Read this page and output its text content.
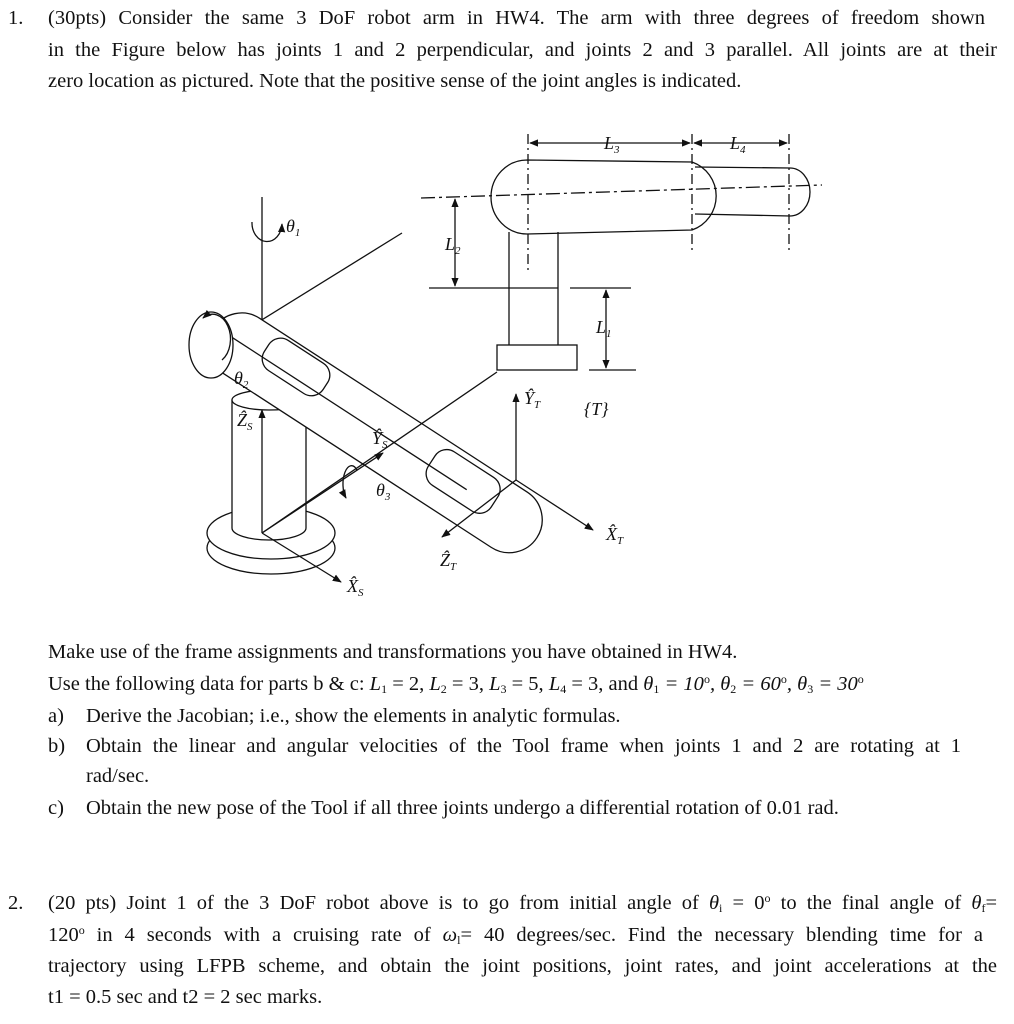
1. (30pts) Consider the same 3 DoF robot arm in HW4. The arm with three degrees of freedom shown
in the Figure below has joints 1 and 2 perpendicular, and joints 2 and 3 parallel. All joints are at their
zero location as pictured. Note that the positive sense of the joint angles is indicated.
$L_3$	$L_4$
$L_2$
$L_1$
$\theta_1$
$\theta_2$
$\theta_3$
Ẑ$_S$
$Ŷ_S$
$X̂_S$
$Ŷ_T$ {T}
$X̂_T$
Ẑ$_T$
Make use of the frame assignments and transformations you have obtained in HW4.
Use the following data for parts b & c: $L_1 = 2$, $L_2 = 3$, $L_3 = 5$, $L_4 = 3$, and $\theta_1 = 10^o$, $\theta_2 = 60^o$, $\theta_3 = 30^o$
a) Derive the Jacobian; i.e., show the elements in analytic formulas.
b) Obtain the linear and angular velocities of the Tool frame when joints 1 and 2 are rotating at 1
rad/sec.
c) Obtain the new pose of the Tool if all three joints undergo a differential rotation of 0.01 rad.
2. (20 pts) Joint 1 of the 3 DoF robot above is to go from initial angle of $\theta_i = 0^o$ to the final angle of $\theta_f=$
$120^o$ in 4 seconds with a cruising rate of $\omega_l= 40$ degrees/sec. Find the necessary blending time for a
trajectory using LFPB scheme, and obtain the joint positions, joint rates, and joint accelerations at the
t1 = 0.5 sec and t2 = 2 sec marks.
